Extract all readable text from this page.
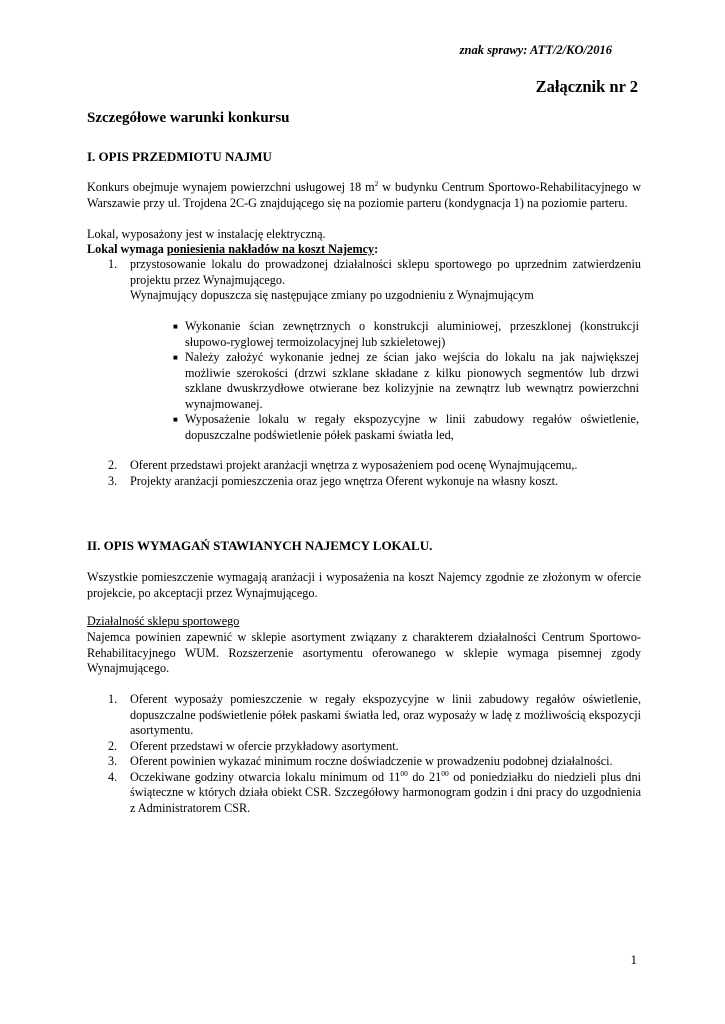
znak sprawy: ATT/2/KO/2016
Załącznik nr 2
Szczegółowe warunki konkursu
I. OPIS PRZEDMIOTU NAJMU
Konkurs obejmuje wynajem powierzchni usługowej 18 $m^2$ w budynku Centrum Sportowo-Rehabilitacyjnego w Warszawie przy ul. Trojdena 2C-G znajdującego się na poziomie parteru (kondygnacja 1) na poziomie parteru.
Lokal, wyposażony jest w instalację elektryczną.
Lokal wymaga poniesienia nakładów na koszt Najemcy:
1. przystosowanie lokalu do prowadzonej działalności sklepu sportowego po uprzednim zatwierdzeniu projektu przez Wynajmującego.
Wynajmujący dopuszcza się następujące zmiany po uzgodnieniu z Wynajmującym
■ Wykonanie ścian zewnętrznych o konstrukcji aluminiowej, przeszklonej (konstrukcji słupowo-ryglowej termoizolacyjnej lub szkieletowej)
■ Należy założyć wykonanie jednej ze ścian jako wejścia do lokalu na jak największej możliwie szerokości (drzwi szklane składane z kilku pionowych segmentów lub drzwi szklane dwuskrzydłowe otwierane bez kolizyjnie na zewnątrz lub wewnątrz powierzchni wynajmowanej.
■ Wyposażenie lokalu w regały ekspozycyjne w linii zabudowy regałów oświetlenie, dopuszczalne podświetlenie półek paskami światła led,
2. Oferent przedstawi projekt aranżacji wnętrza z wyposażeniem pod ocenę Wynajmującemu,.
3. Projekty aranżacji pomieszczenia oraz jego wnętrza Oferent wykonuje na własny koszt.
II. OPIS WYMAGAŃ STAWIANYCH NAJEMCY LOKALU.
Wszystkie pomieszczenie wymagają aranżacji i wyposażenia na koszt Najemcy zgodnie ze złożonym w ofercie projekcie, po akceptacji przez Wynajmującego.
Działalność sklepu sportowego
Najemca powinien zapewnić w sklepie asortyment związany z charakterem działalności Centrum Sportowo-Rehabilitacyjnego WUM. Rozszerzenie asortymentu oferowanego w sklepie wymaga pisemnej zgody Wynajmującego.
1. Oferent wyposaży pomieszczenie w regały ekspozycyjne w linii zabudowy regałów oświetlenie, dopuszczalne podświetlenie półek paskami światła led, oraz wyposaży w ladę z możliwością ekspozycji asortymentu.
2. Oferent przedstawi w ofercie przykładowy asortyment.
3. Oferent powinien wykazać minimum roczne doświadczenie w prowadzeniu podobnej działalności.
4. Oczekiwane godziny otwarcia lokalu minimum od $11^{00}$ do $21^{00}$ od poniedziałku do niedzieli plus dni świąteczne w których działa obiekt CSR. Szczegółowy harmonogram godzin i dni pracy do uzgodnienia z Administratorem CSR.
1
